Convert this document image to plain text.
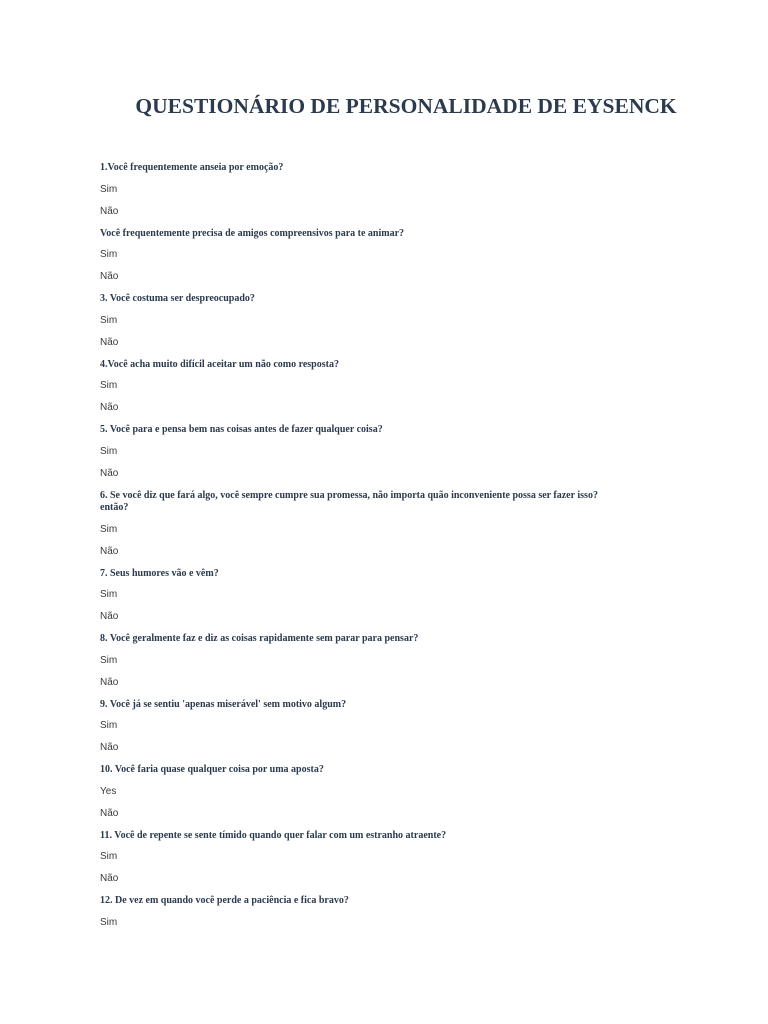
QUESTIONÁRIO DE PERSONALIDADE DE EYSENCK

1.Você frequentemente anseia por emoção?

Sim

Não

Você frequentemente precisa de amigos compreensivos para te animar?

Sim

Não

3. Você costuma ser despreocupado?

Sim

Não

4.Você acha muito difícil aceitar um não como resposta?

Sim

Não

5. Você para e pensa bem nas coisas antes de fazer qualquer coisa?

Sim

Não

6. Se você diz que fará algo, você sempre cumpre sua promessa, não importa quão inconveniente possa ser fazer isso? então?

Sim

Não

7. Seus humores vão e vêm?

Sim

Não

8. Você geralmente faz e diz as coisas rapidamente sem parar para pensar?

Sim

Não

9. Você já se sentiu 'apenas miserável' sem motivo algum?

Sim

Não

10. Você faria quase qualquer coisa por uma aposta?

Yes

Não

11. Você de repente se sente tímido quando quer falar com um estranho atraente?

Sim

Não

12. De vez em quando você perde a paciência e fica bravo?

Sim
